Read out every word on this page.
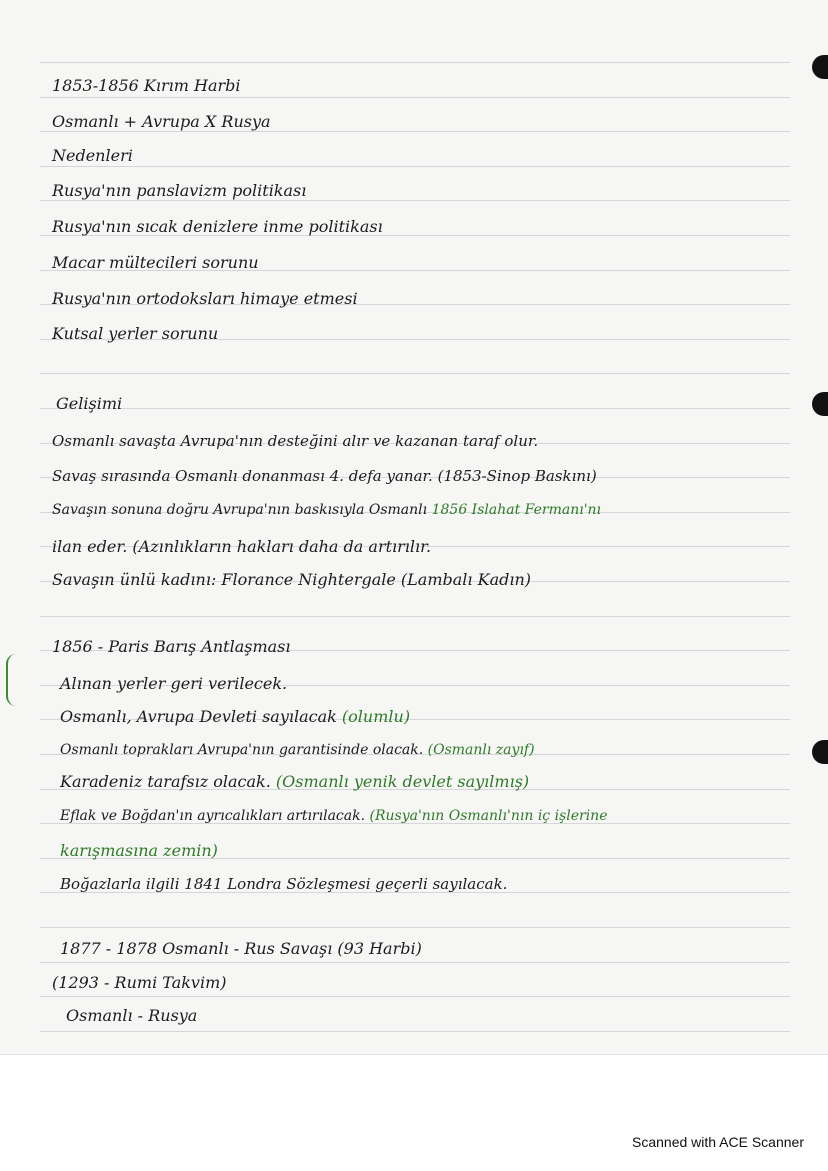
1853-1856 Kırım Harbi
Osmanlı + Avrupa X Rusya
Nedenleri
Rusya'nın panslavizm politikası
Rusya'nın sıcak denizlere inme politikası
Macar mültecileri sorunu
Rusya'nın ortodoksları himaye etmesi
Kutsal yerler sorunu
Gelişimi
Osmanlı savaşta Avrupa'nın desteğini alır ve kazanan taraf olur.
Savaş sırasında Osmanlı donanması 4. defa yanar. (1853-Sinop Baskını)
Savaşın sonuna doğru Avrupa'nın baskısıyla Osmanlı 1856 Islahat Fermanı'nı
ilan eder. (Azınlıkların hakları daha da artırılır.
Savaşın ünlü kadını: Florance Nightergale (Lambalı Kadın)
1856 - Paris Barış Antlaşması
Alınan yerler geri verilecek.
Osmanlı, Avrupa Devleti sayılacak (olumlu)
Osmanlı toprakları Avrupa'nın garantisinde olacak. (Osmanlı zayıf)
Karadeniz tarafsız olacak. (Osmanlı yenik devlet sayılmış)
Eflak ve Boğdan'ın ayrıcalıkları artırılacak. (Rusya'nın Osmanlı'nın iç işlerine
karışmasına zemin)
Boğazlarla ilgili 1841 Londra Sözleşmesi geçerli sayılacak.
1877 - 1878 Osmanlı - Rus Savaşı (93 Harbi)
(1293 - Rumi Takvim)
Osmanlı - Rusya
Scanned with ACE Scanner
